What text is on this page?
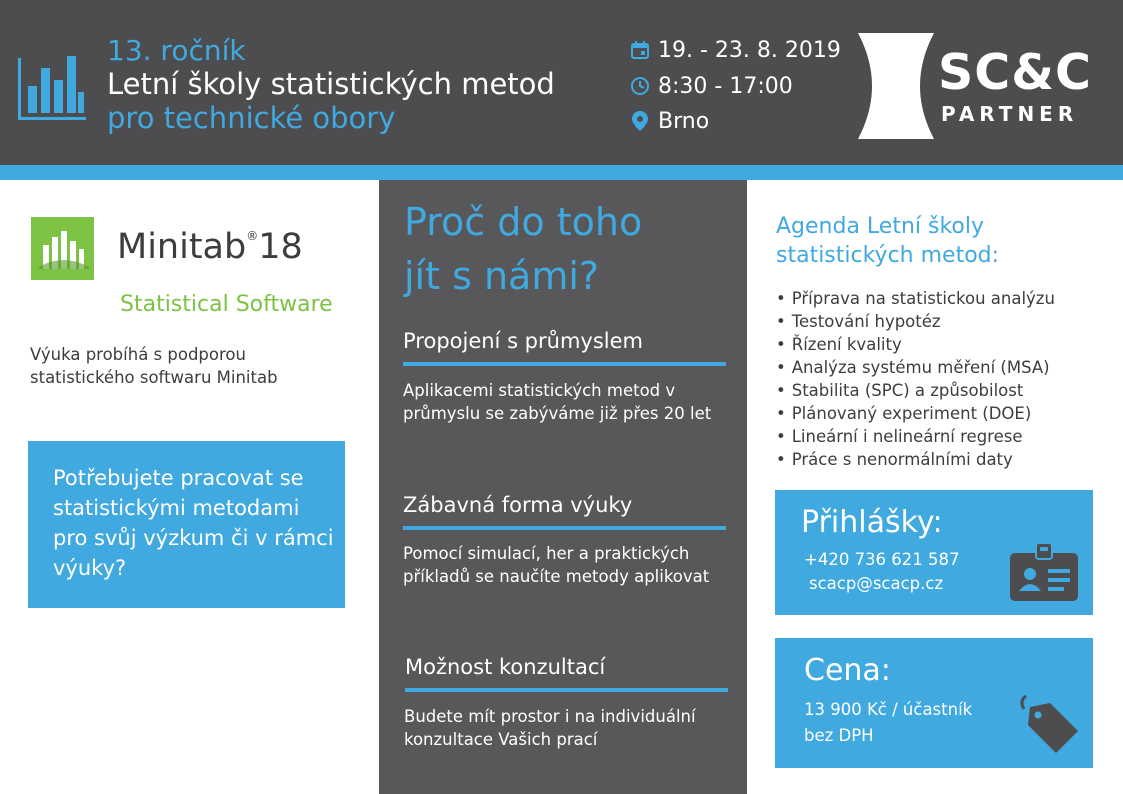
13. ročník
Letní školy statistických metod
pro technické obory
19. - 23. 8. 2019
8:30 - 17:00
Brno
SC&C
PARTNER
Minitab®18
Statistical Software
Výuka probíhá s podporou statistického softwaru Minitab
Potřebujete pracovat se statistickými metodami pro svůj výzkum či v rámci výuky?
Proč do toho
jít s námi?
Propojení s průmyslem
Aplikacemi statistických metod v průmyslu se zabýváme již přes 20 let
Zábavná forma výuky
Pomocí simulací, her a praktických příkladů se naučíte metody aplikovat
Možnost konzultací
Budete mít prostor i na individuální konzultace Vašich prací
Agenda Letní školy statistických metod:
• Příprava na statistickou analýzu
• Testování hypotéz
• Řízení kvality
• Analýza systému měření (MSA)
• Stabilita (SPC) a způsobilost
• Plánovaný experiment (DOE)
• Lineární i nelineární regrese
• Práce s nenormálními daty
Přihlášky:
+420 736 621 587
scacp@scacp.cz
Cena:
13 900 Kč / účastník
bez DPH
